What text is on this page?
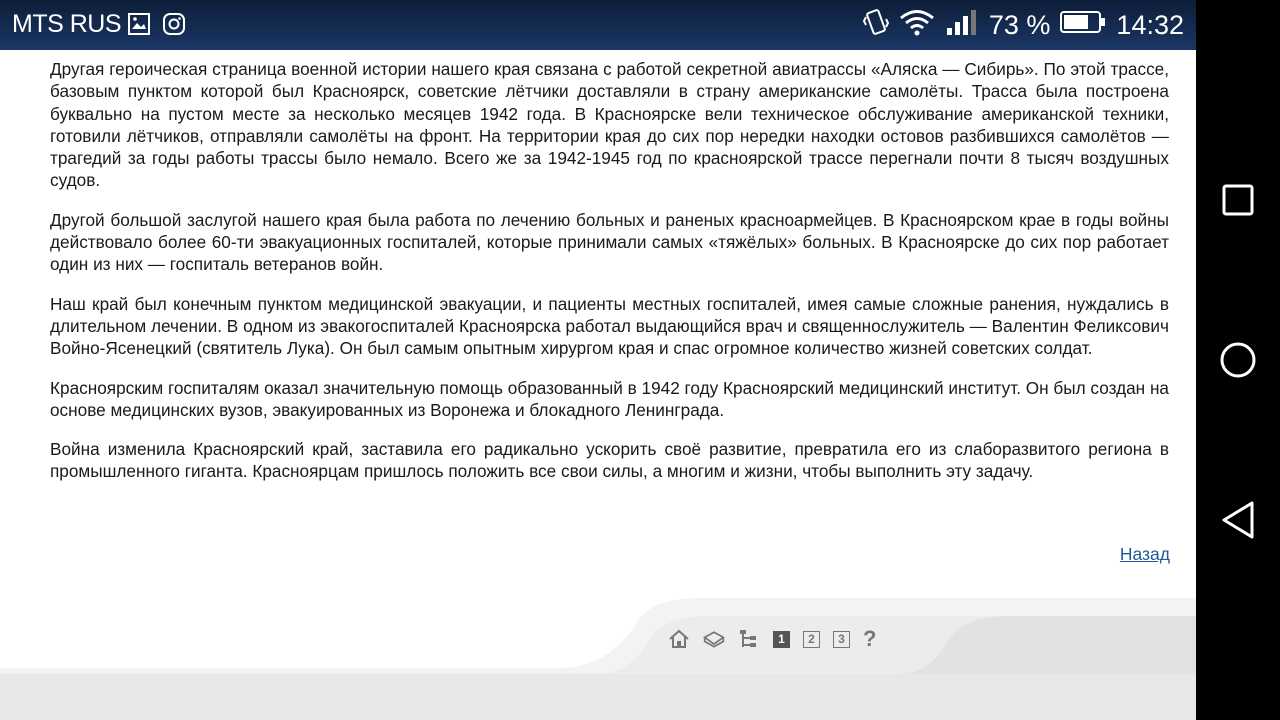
MTS RUS	73 % 14:32

Другая героическая страница военной истории нашего края связана с работой секретной авиатрассы «Аляска — Сибирь». По этой трассе, базовым пунктом которой был Красноярск, советские лётчики доставляли в страну американские самолёты. Трасса была построена буквально на пустом месте за несколько месяцев 1942 года. В Красноярске вели техническое обслуживание американской техники, готовили лётчиков, отправляли самолёты на фронт. На территории края до сих пор нередки находки остовов разбившихся самолётов — трагедий за годы работы трассы было немало. Всего же за 1942-1945 год по красноярской трассе перегнали почти 8 тысяч воздушных судов.

Другой большой заслугой нашего края была работа по лечению больных и раненых красноармейцев. В Красноярском крае в годы войны действовало более 60-ти эвакуационных госпиталей, которые принимали самых «тяжёлых» больных. В Красноярске до сих пор работает один из них — госпиталь ветеранов войн.

Наш край был конечным пунктом медицинской эвакуации, и пациенты местных госпиталей, имея самые сложные ранения, нуждались в длительном лечении. В одном из эвакогоспиталей Красноярска работал выдающийся врач и священнослужитель — Валентин Феликсович Войно-Ясенецкий (святитель Лука). Он был самым опытным хирургом края и спас огромное количество жизней советских солдат.

Красноярским госпиталям оказал значительную помощь образованный в 1942 году Красноярский медицинский институт. Он был создан на основе медицинских вузов, эвакуированных из Воронежа и блокадного Ленинграда.

Война изменила Красноярский край, заставила его радикально ускорить своё развитие, превратила его из слаборазвитого региона в промышленного гиганта. Красноярцам пришлось положить все свои силы, а многим и жизни, чтобы выполнить эту задачу.

Назад
1	2	3 ?
